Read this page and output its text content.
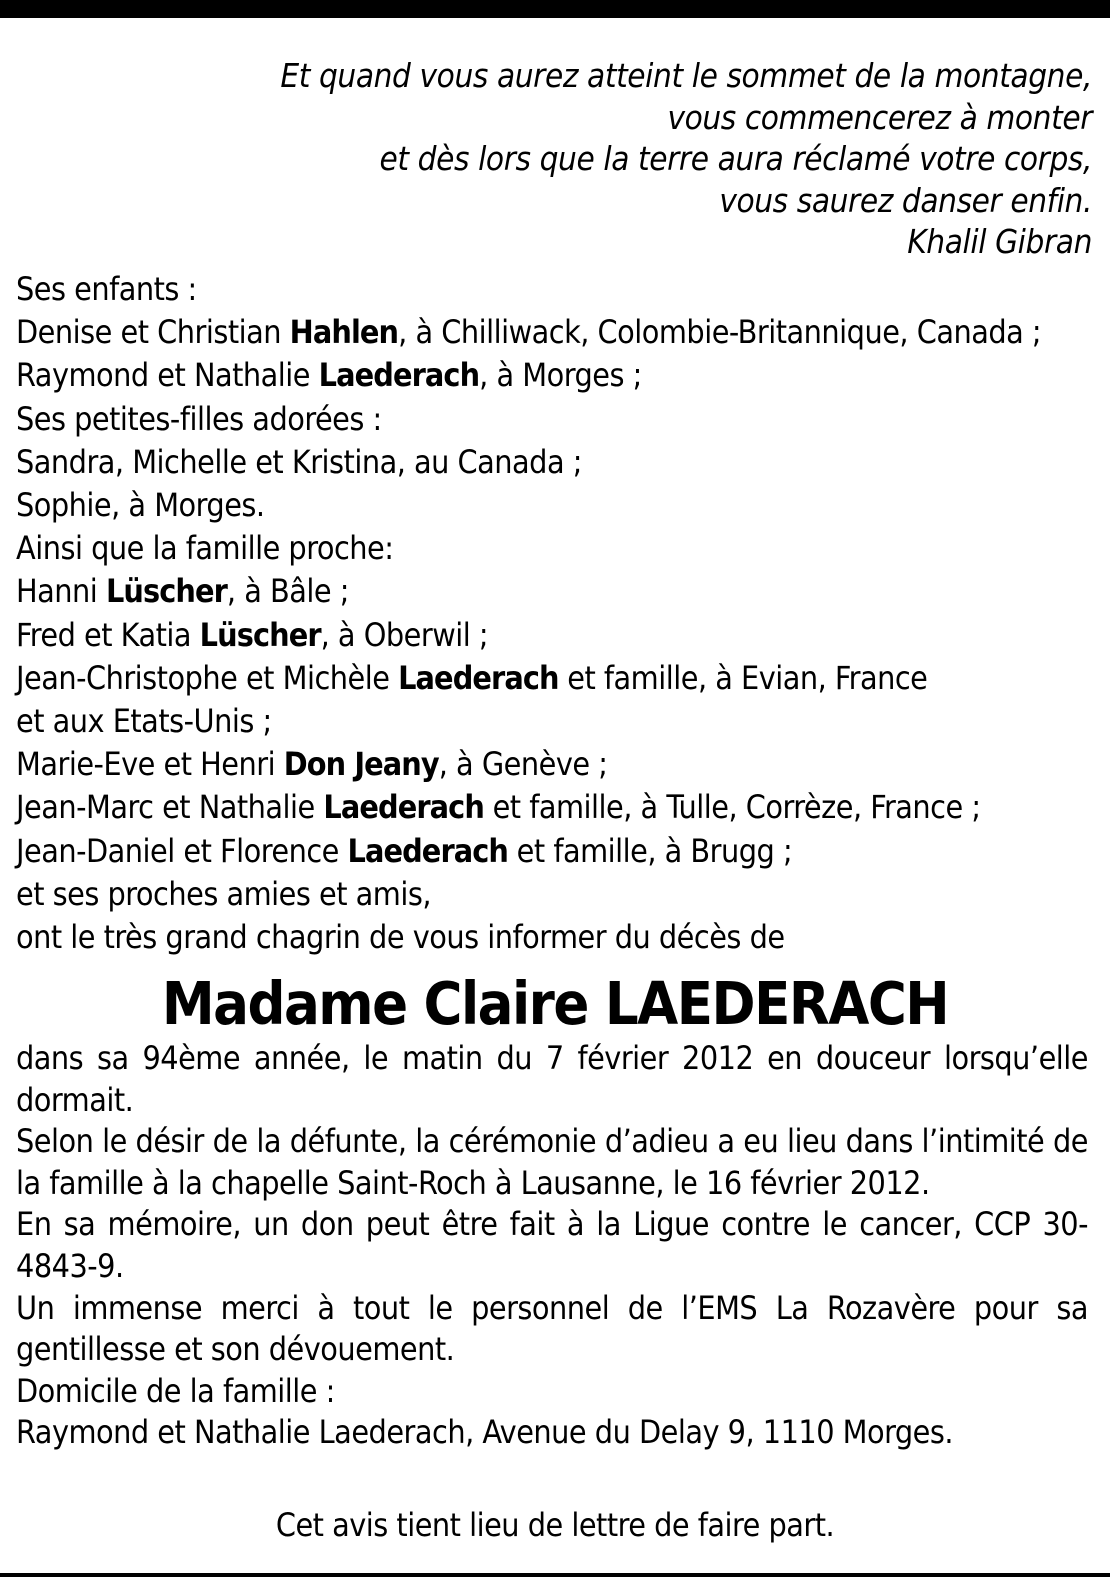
Et quand vous aurez atteint le sommet de la montagne,
vous commencerez à monter
et dès lors que la terre aura réclamé votre corps,
vous saurez danser enfin.
Khalil Gibran
Ses enfants :
Denise et Christian Hahlen, à Chilliwack, Colombie-Britannique, Canada ;
Raymond et Nathalie Laederach, à Morges ;
Ses petites-filles adorées :
Sandra, Michelle et Kristina, au Canada ;
Sophie, à Morges.
Ainsi que la famille proche:
Hanni Lüscher, à Bâle ;
Fred et Katia Lüscher, à Oberwil ;
Jean-Christophe et Michèle Laederach et famille, à Evian, France
et aux Etats-Unis ;
Marie-Eve et Henri Don Jeany, à Genève ;
Jean-Marc et Nathalie Laederach et famille, à Tulle, Corrèze, France ;
Jean-Daniel et Florence Laederach et famille, à Brugg ;
et ses proches amies et amis,
ont le très grand chagrin de vous informer du décès de
Madame Claire LAEDERACH

dans sa 94ème année, le matin du 7 février 2012 en douceur lorsqu’elle dormait.

Selon le désir de la défunte, la cérémonie d’adieu a eu lieu dans l’intimité de la famille à la chapelle Saint-Roch à Lausanne, le 16 février 2012.

En sa mémoire, un don peut être fait à la Ligue contre le cancer, CCP 30-4843-9.

Un immense merci à tout le personnel de l’EMS La Rozavère pour sa gentillesse et son dévouement.

Domicile de la famille :

Raymond et Nathalie Laederach, Avenue du Delay 9, 1110 Morges.

Cet avis tient lieu de lettre de faire part.
